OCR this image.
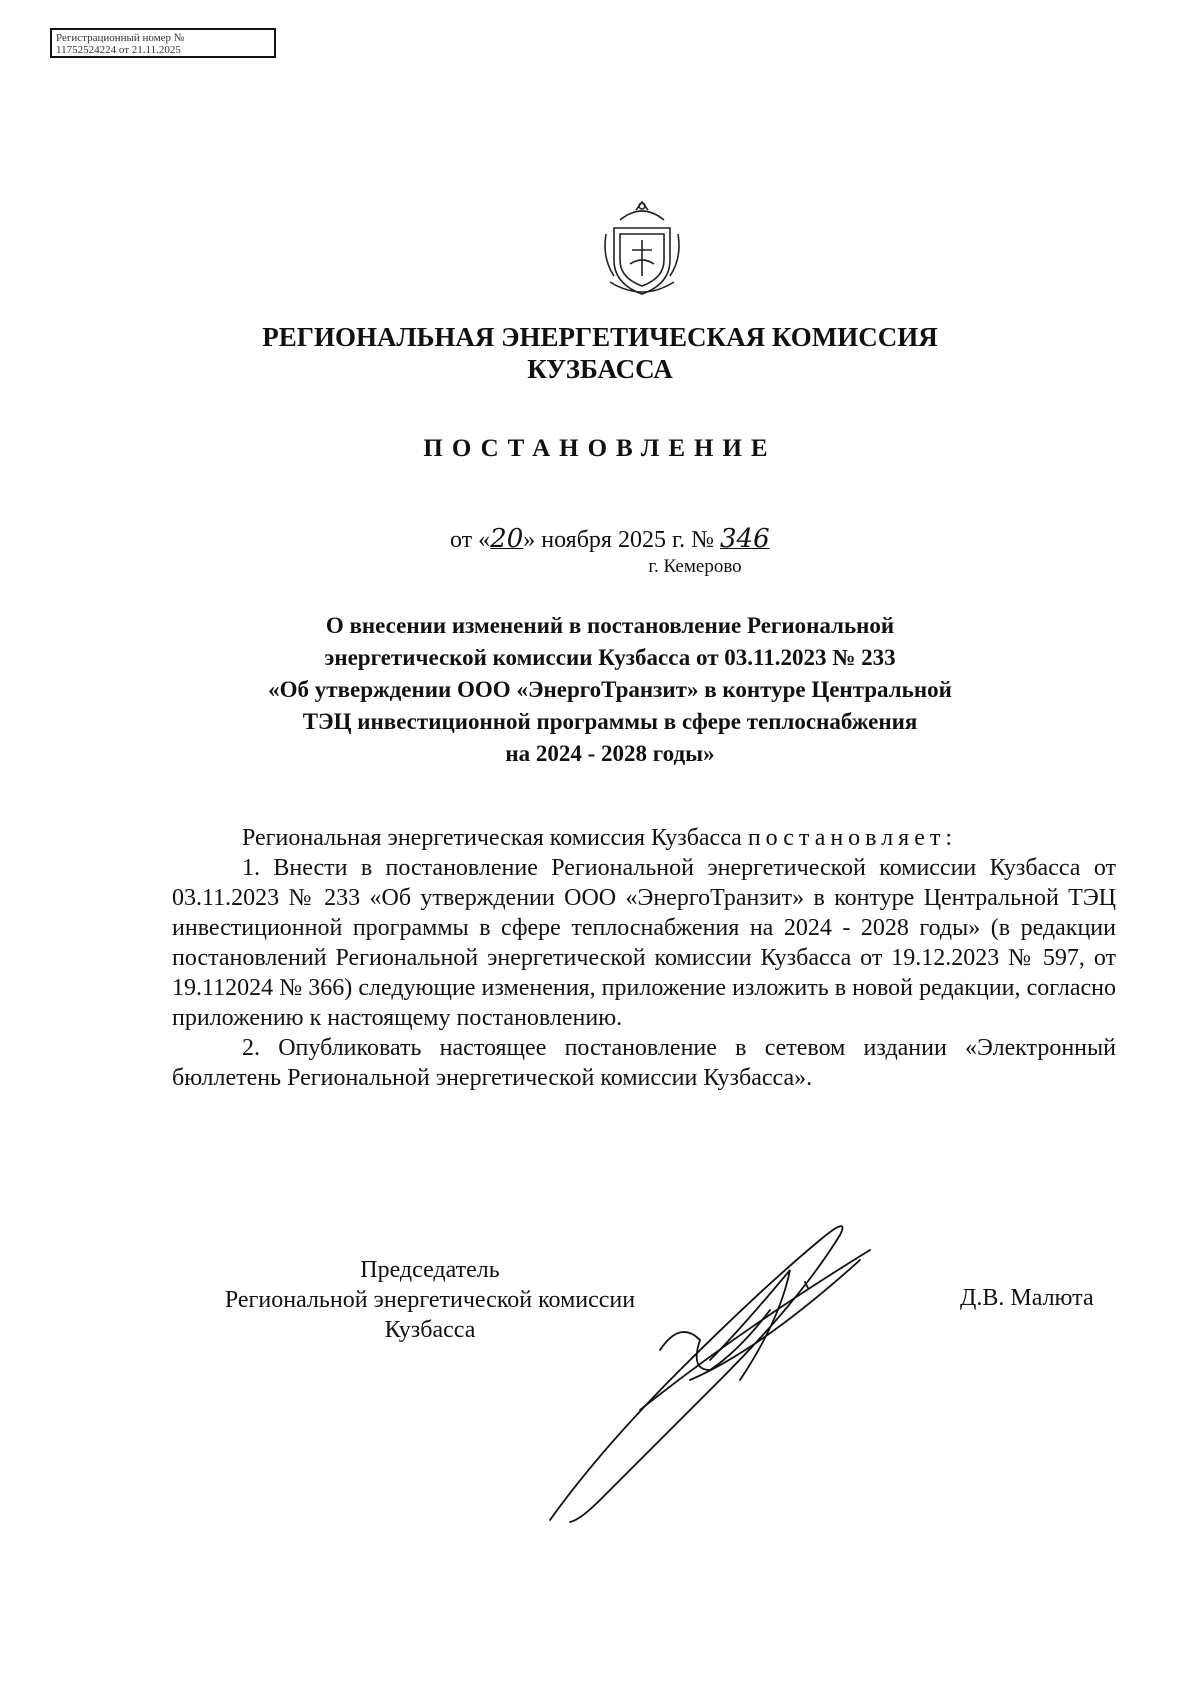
Регистрационный номер №
11752524224 от 21.11.2025
РЕГИОНАЛЬНАЯ ЭНЕРГЕТИЧЕСКАЯ КОМИССИЯ
КУЗБАССА
ПОСТАНОВЛЕНИЕ
от «20» ноября 2025 г. № 346
г. Кемерово
О внесении изменений в постановление Региональной
энергетической комиссии Кузбасса от 03.11.2023 № 233
«Об утверждении ООО «ЭнергоТранзит» в контуре Центральной
ТЭЦ инвестиционной программы в сфере теплоснабжения
на 2024 - 2028 годы»

Региональная энергетическая комиссия Кузбасса постановляет:

1. Внести в постановление Региональной энергетической комиссии Кузбасса от 03.11.2023 № 233 «Об утверждении ООО «ЭнергоТранзит» в контуре Центральной ТЭЦ инвестиционной программы в сфере теплоснабжения на 2024 - 2028 годы» (в редакции постановлений Региональной энергетической комиссии Кузбасса от 19.12.2023 № 597, от 19.112024 № 366) следующие изменения, приложение изложить в новой редакции, согласно приложению к настоящему постановлению.

2. Опубликовать настоящее постановление в сетевом издании «Электронный бюллетень Региональной энергетической комиссии Кузбасса».

Председатель
Региональной энергетической комиссии
Кузбасса
Д.В. Малюта
